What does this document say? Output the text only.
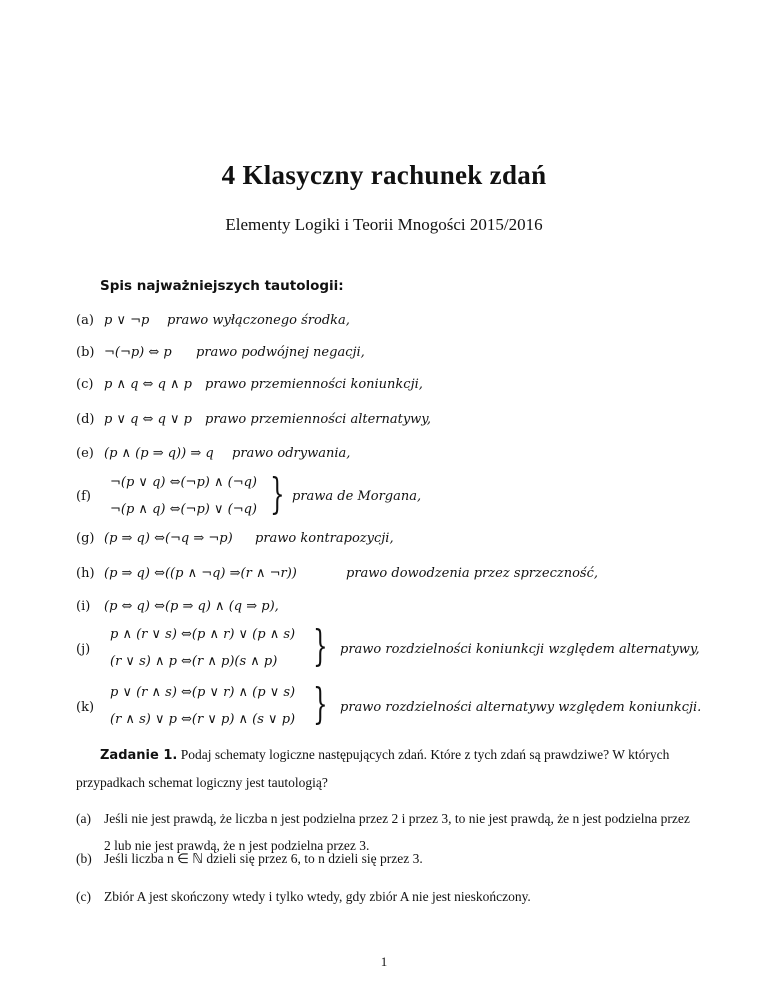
4 Klasyczny rachunek zdań
Elementy Logiki i Teorii Mnogości 2015/2016
Spis najważniejszych tautologii:
(a) p ∨ ¬p prawo wyłączonego środka,
(b) ¬(¬p) ⇔ p prawo podwójnej negacji,
(c) p ∧ q ⇔ q ∧ p prawo przemienności koniunkcji,
(d) p ∨ q ⇔ q ∨ p prawo przemienności alternatywy,
(e) (p ∧ (p ⇒ q)) ⇒ q prawo odrywania,
(f)
¬(p ∨ q) ⇔(¬p) ∧ (¬q)
¬(p ∧ q) ⇔(¬p) ∨ (¬q) } prawa de Morgana,
(g) (p ⇒ q) ⇔(¬q ⇒ ¬p) prawo kontrapozycji,
(h) (p ⇒ q) ⇔((p ∧ ¬q) ⇒(r ∧ ¬r))	prawo dowodzenia przez sprzeczność,
(i) (p ⇔ q) ⇔(p ⇒ q) ∧ (q ⇒ p),
(j)
p ∧ (r ∨ s) ⇔(p ∧ r) ∨ (p ∧ s)
(r ∨ s) ∧ p ⇔(r ∧ p)(s ∧ p) } prawo rozdzielności koniunkcji względem alternatywy,
(k)
p ∨ (r ∧ s) ⇔(p ∨ r) ∧ (p ∨ s)
(r ∧ s) ∨ p ⇔(r ∨ p) ∧ (s ∨ p) } prawo rozdzielności alternatywy względem koniunkcji.
Zadanie 1. Podaj schematy logiczne następujących zdań. Które z tych zdań są prawdziwe? W których przypadkach schemat logiczny jest tautologią?
(a) Jeśli nie jest prawdą, że liczba n jest podzielna przez 2 i przez 3, to nie jest prawdą, że n jest podzielna przez 2 lub nie jest prawdą, że n jest podzielna przez 3.
(b) Jeśli liczba n ∈ ℕ dzieli się przez 6, to n dzieli się przez 3.
(c) Zbiór A jest skończony wtedy i tylko wtedy, gdy zbiór A nie jest nieskończony.
1
